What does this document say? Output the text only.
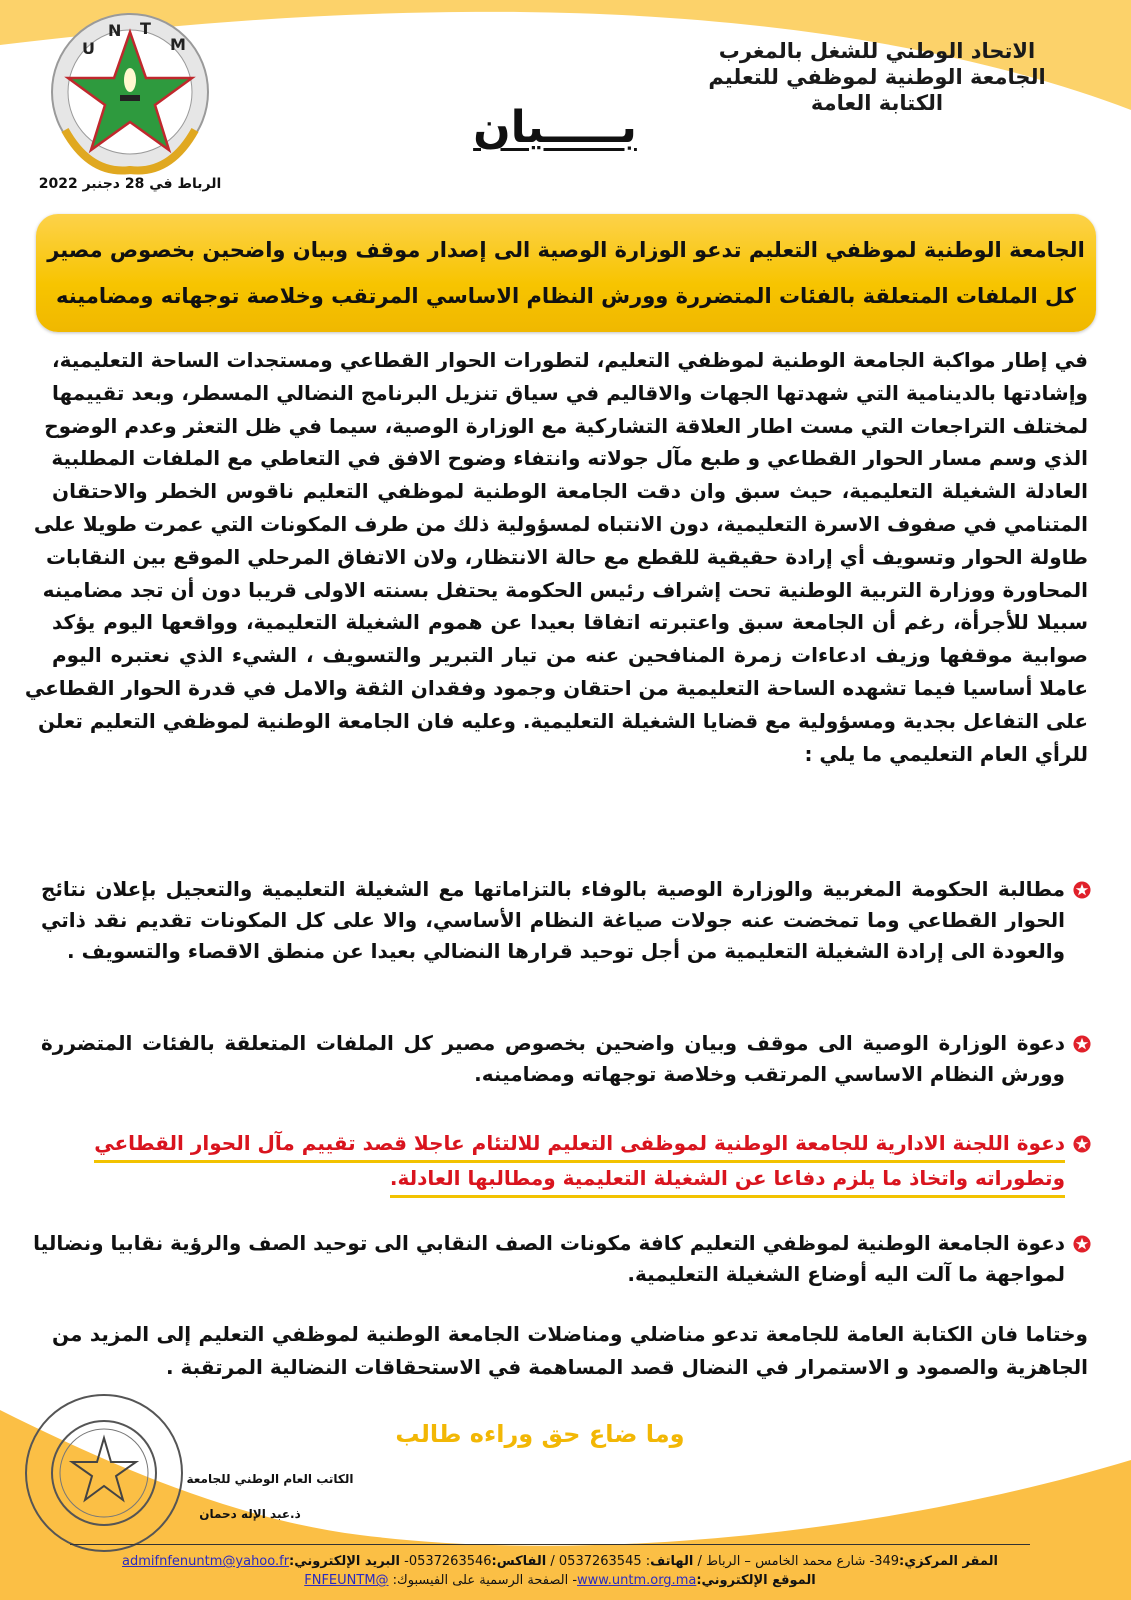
U
N T
M	الاتحاد الوطني للشغل بالمغرب
الجامعة الوطنية لموظفي للتعليم
الكتابة العامة
بـــــيان
الرباط في 28 دجنبر 2022
الجامعة الوطنية لموظفي التعليم تدعو الوزارة الوصية الى إصدار موقف وبيان واضحين بخصوص مصير
كل الملفات المتعلقة بالفئات المتضررة وورش النظام الاساسي المرتقب وخلاصة توجهاته ومضامينه
في إطار مواكبة الجامعة الوطنية لموظفي التعليم، لتطورات الحوار القطاعي ومستجدات الساحة التعليمية،
وإشادتها بالدينامية التي شهدتها الجهات والاقاليم في سياق تنزيل البرنامج النضالي المسطر، وبعد تقييمها
لمختلف التراجعات التي مست اطار العلاقة التشاركية مع الوزارة الوصية، سيما في ظل التعثر وعدم الوضوح
الذي وسم مسار الحوار القطاعي و طبع مآل جولاته وانتفاء وضوح الافق في التعاطي مع الملفات المطلبية
العادلة الشغيلة التعليمية، حيث سبق وان دقت الجامعة الوطنية لموظفي التعليم ناقوس الخطر والاحتقان
المتنامي في صفوف الاسرة التعليمية، دون الانتباه لمسؤولية ذلك من طرف المكونات التي عمرت طويلا على
طاولة الحوار وتسويف أي إرادة حقيقية للقطع مع حالة الانتظار، ولان الاتفاق المرحلي الموقع بين النقابات
المحاورة ووزارة التربية الوطنية تحت إشراف رئيس الحكومة يحتفل بسنته الاولى قريبا دون أن تجد مضامينه
سبيلا للأجرأة، رغم أن الجامعة سبق واعتبرته اتفاقا بعيدا عن هموم الشغيلة التعليمية، وواقعها اليوم يؤكد
صوابية موقفها وزيف ادعاءات زمرة المنافحين عنه من تيار التبرير والتسويف ، الشيء الذي نعتبره اليوم
عاملا أساسيا فيما تشهده الساحة التعليمية من احتقان وجمود وفقدان الثقة والامل في قدرة الحوار القطاعي
على التفاعل بجدية ومسؤولية مع قضايا الشغيلة التعليمية. وعليه فان الجامعة الوطنية لموظفي التعليم تعلن
للرأي العام التعليمي ما يلي :
مطالبة الحكومة المغربية والوزارة الوصية بالوفاء بالتزاماتها مع الشغيلة التعليمية والتعجيل بإعلان نتائج
الحوار القطاعي وما تمخضت عنه جولات صياغة النظام الأساسي، والا على كل المكونات تقديم نقد ذاتي
والعودة الى إرادة الشغيلة التعليمية من أجل توحيد قرارها النضالي بعيدا عن منطق الاقصاء والتسويف .
دعوة الوزارة الوصية الى موقف وبيان واضحين بخصوص مصير كل الملفات المتعلقة بالفئات المتضررة
وورش النظام الاساسي المرتقب وخلاصة توجهاته ومضامينه.
دعوة اللجنة الادارية للجامعة الوطنية لموظفى التعليم للالتئام عاجلا قصد تقييم مآل الحوار القطاعي
وتطوراته واتخاذ ما يلزم دفاعا عن الشغيلة التعليمية ومطالبها العادلة.
دعوة الجامعة الوطنية لموظفي التعليم كافة مكونات الصف النقابي الى توحيد الصف والرؤية نقابيا ونضاليا
لمواجهة ما آلت اليه أوضاع الشغيلة التعليمية.
وختاما فان الكتابة العامة للجامعة تدعو مناضلي ومناضلات الجامعة الوطنية لموظفي التعليم إلى المزيد من
الجاهزية والصمود و الاستمرار في النضال قصد المساهمة في الاستحقاقات النضالية المرتقبة .
وما ضاع حق وراءه طالب
الكاتب العام الوطني للجامعة
ذ.عبد الإله دحمان
المقر المركزي:349- شارع محمد الخامس – الرباط / الهاتف: 0537263545 / الفاكس:0537263546- البريد الإلكتروني:admifnfenuntm@yahoo.fr
الموقع الإلكتروني:www.untm.org.ma- الصفحة الرسمية على الفيسبوك: @FNFEUNTM
